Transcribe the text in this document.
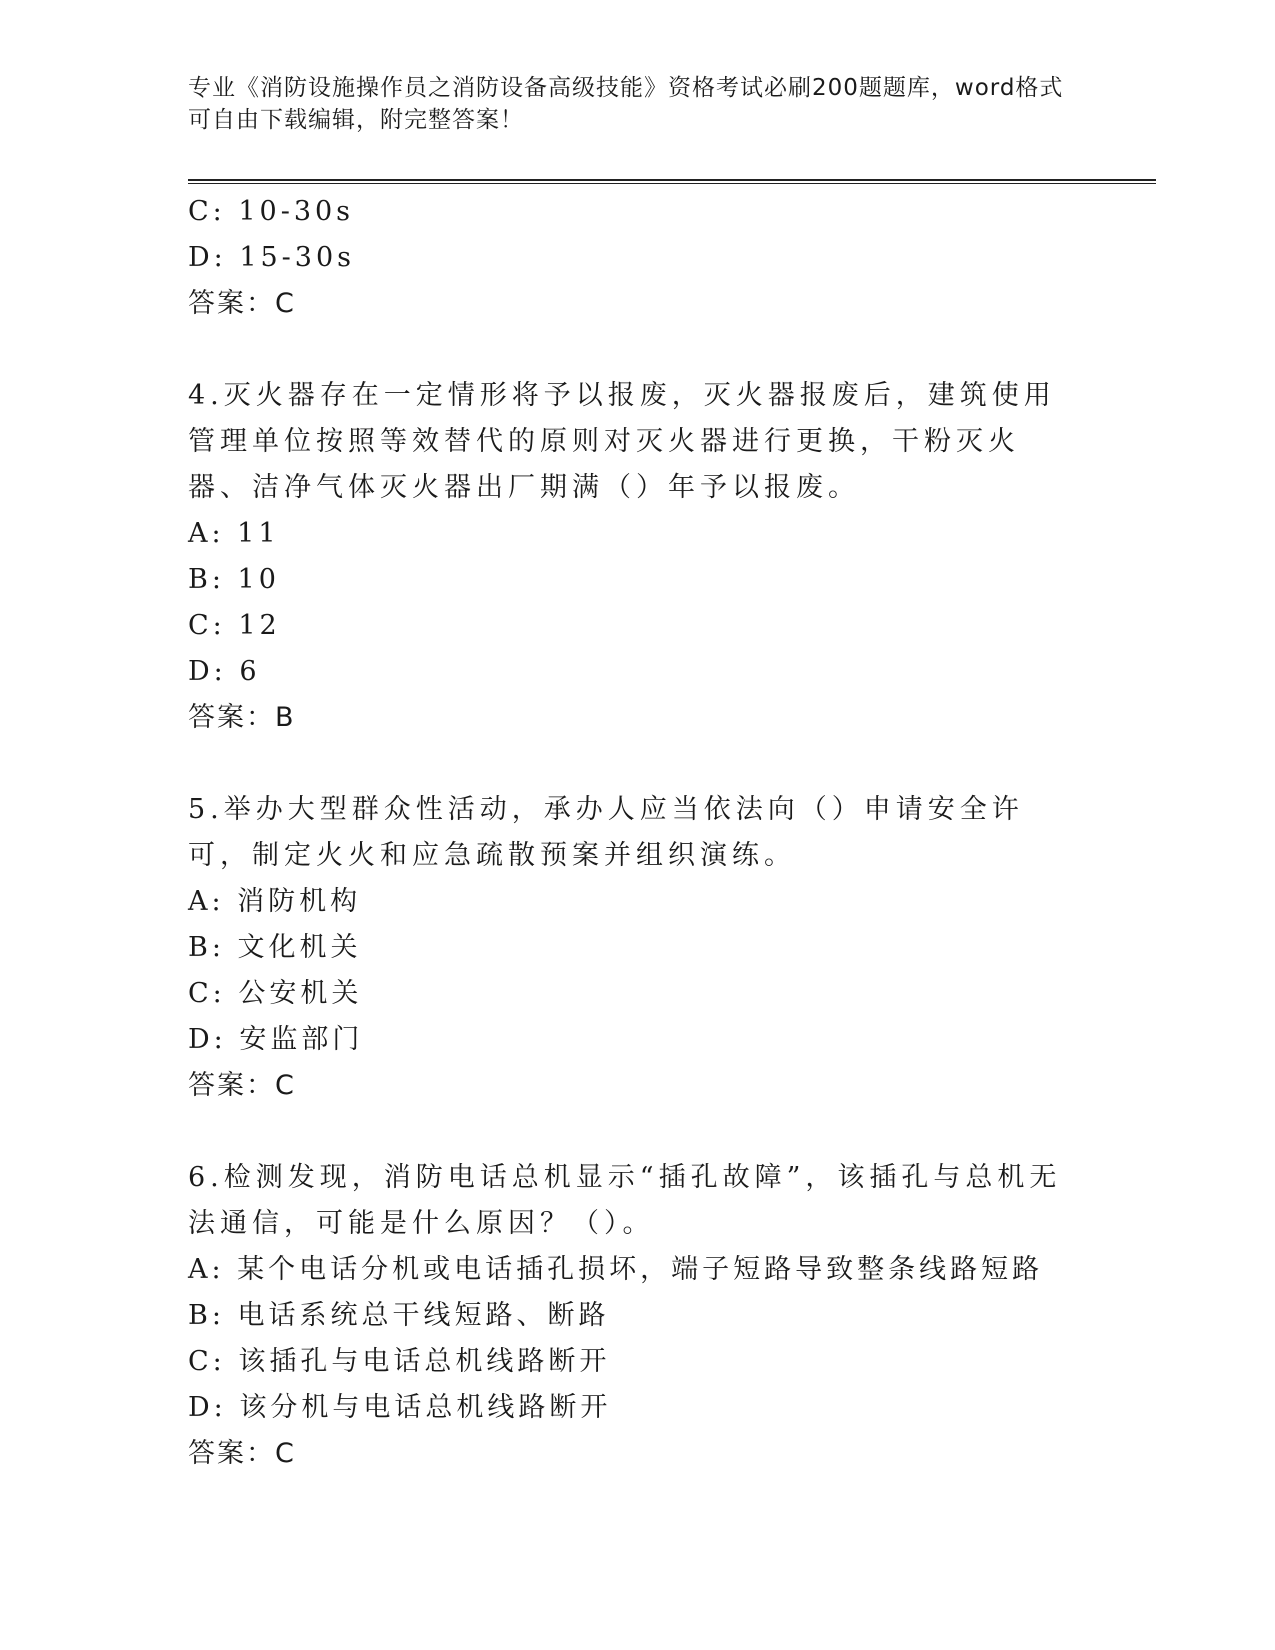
专业《消防设施操作员之消防设备高级技能》资格考试必刷200题题库，word格式可自由下载编辑，附完整答案！
C: 10-30s
D: 15-30s
答案：C
4.灭火器存在一定情形将予以报废，灭火器报废后，建筑使用管理单位按照等效替代的原则对灭火器进行更换，干粉灭火器、洁净气体灭火器出厂期满（）年予以报废。
A: 11
B: 10
C: 12
D: 6
答案：B
5.举办大型群众性活动，承办人应当依法向（）申请安全许可，制定火火和应急疏散预案并组织演练。
A: 消防机构
B: 文化机关
C: 公安机关
D: 安监部门
答案：C
6.检测发现，消防电话总机显示“插孔故障”，该插孔与总机无法通信，可能是什么原因？（）。
A: 某个电话分机或电话插孔损坏，端子短路导致整条线路短路
B: 电话系统总干线短路、断路
C: 该插孔与电话总机线路断开
D: 该分机与电话总机线路断开
答案：C
